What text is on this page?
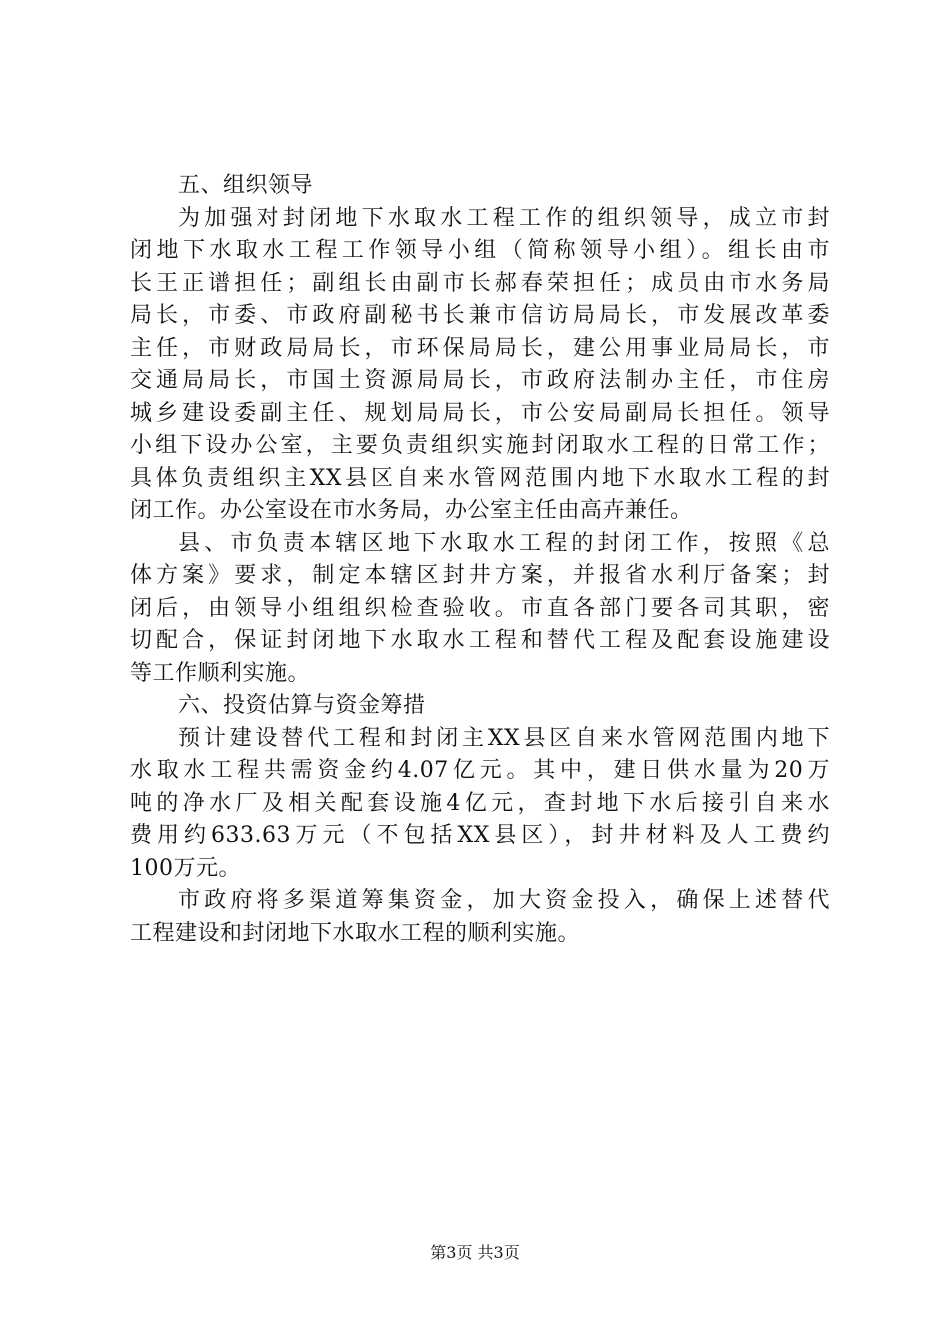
五、组织领导
为加强对封闭地下水取水工程工作的组织领导，成立市封
闭地下水取水工程工作领导小组（简称领导小组）。组长由市
长王正谱担任；副组长由副市长郝春荣担任；成员由市水务局
局长，市委、市政府副秘书长兼市信访局局长，市发展改革委
主任，市财政局局长，市环保局局长，建公用事业局局长，市
交通局局长，市国土资源局局长，市政府法制办主任，市住房
城乡建设委副主任、规划局局长，市公安局副局长担任。领导
小组下设办公室，主要负责组织实施封闭取水工程的日常工作；
具体负责组织主XX县区自来水管网范围内地下水取水工程的封
闭工作。办公室设在市水务局，办公室主任由高卉兼任。
县、市负责本辖区地下水取水工程的封闭工作，按照《总
体方案》要求，制定本辖区封井方案，并报省水利厅备案；封
闭后，由领导小组组织检查验收。市直各部门要各司其职，密
切配合，保证封闭地下水取水工程和替代工程及配套设施建设
等工作顺利实施。
六、投资估算与资金筹措
预计建设替代工程和封闭主XX县区自来水管网范围内地下
水取水工程共需资金约4.07亿元。其中，建日供水量为20万
吨的净水厂及相关配套设施4亿元，查封地下水后接引自来水
费用约633.63万元（不包括XX县区），封井材料及人工费约
100万元。
市政府将多渠道筹集资金，加大资金投入，确保上述替代
工程建设和封闭地下水取水工程的顺利实施。
第3页 共3页
